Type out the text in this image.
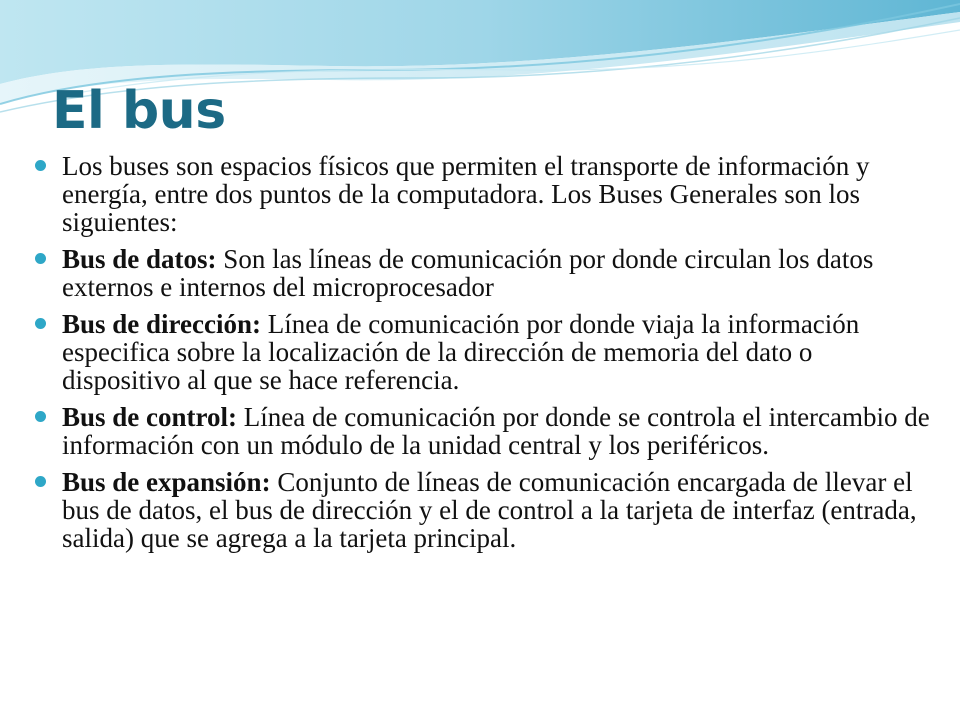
El bus
Los buses son espacios físicos que permiten el transporte de información y energía, entre dos puntos de la computadora. Los Buses Generales son los siguientes:
Bus de datos: Son las líneas de comunicación por donde circulan los datos externos e internos del microprocesador
Bus de dirección: Línea de comunicación por donde viaja la información especifica sobre la localización de la dirección de memoria del dato o dispositivo al que se hace referencia.
Bus de control: Línea de comunicación por donde se controla el intercambio de información con un módulo de la unidad central y los periféricos.
Bus de expansión: Conjunto de líneas de comunicación encargada de llevar el bus de datos, el bus de dirección y el de control a la tarjeta de interfaz (entrada, salida) que se agrega a la tarjeta principal.
